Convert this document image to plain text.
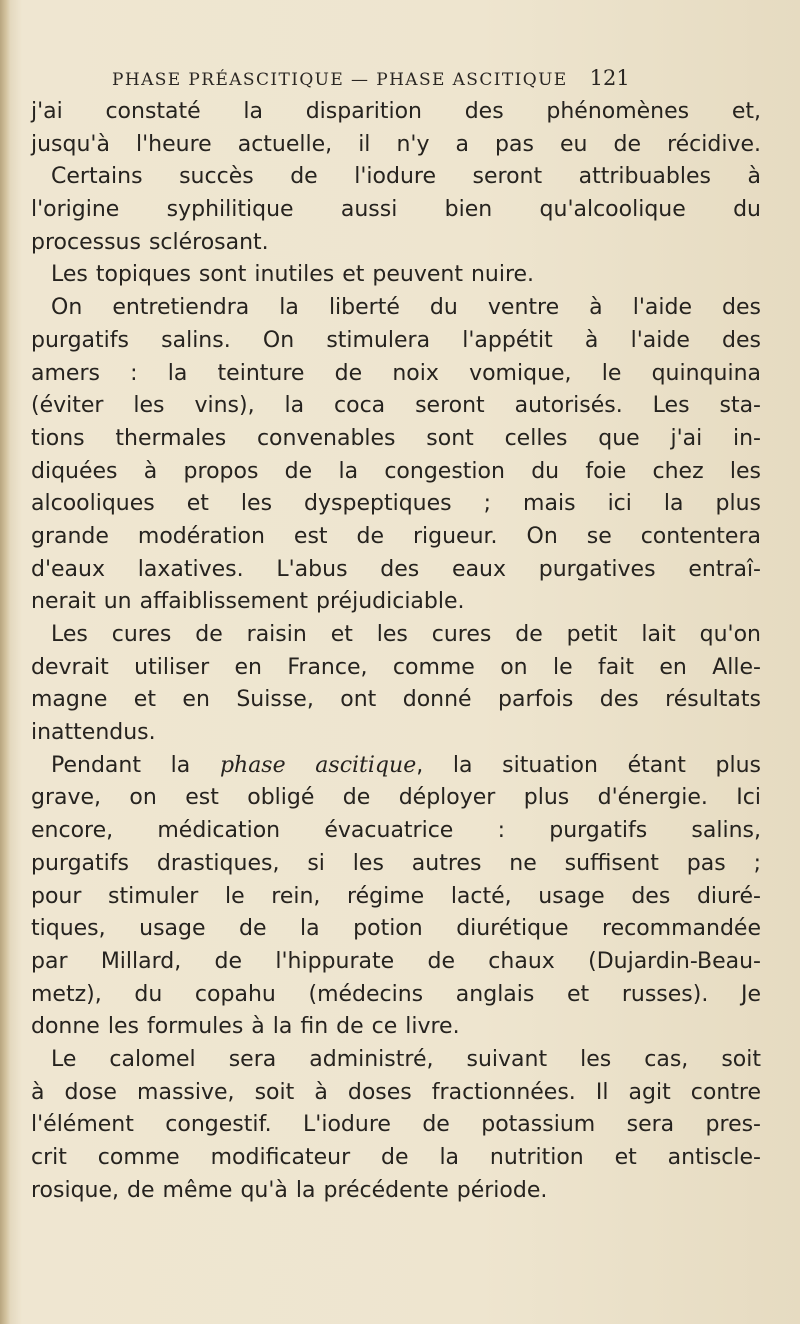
PHASE PRÉASCITIQUE — PHASE ASCITIQUE 121
j'ai constaté la disparition des phénomènes et,
jusqu'à l'heure actuelle, il n'y a pas eu de récidive.
Certains succès de l'iodure seront attribuables à
l'origine syphilitique aussi bien qu'alcoolique du
processus sclérosant.
Les topiques sont inutiles et peuvent nuire.
On entretiendra la liberté du ventre à l'aide des
purgatifs salins. On stimulera l'appétit à l'aide des
amers : la teinture de noix vomique, le quinquina
(éviter les vins), la coca seront autorisés. Les sta-
tions thermales convenables sont celles que j'ai in-
diquées à propos de la congestion du foie chez les
alcooliques et les dyspeptiques ; mais ici la plus
grande modération est de rigueur. On se contentera
d'eaux laxatives. L'abus des eaux purgatives entraî-
nerait un affaiblissement préjudiciable.
Les cures de raisin et les cures de petit lait qu'on
devrait utiliser en France, comme on le fait en Alle-
magne et en Suisse, ont donné parfois des résultats
inattendus.
Pendant la phase ascitique, la situation étant plus
grave, on est obligé de déployer plus d'énergie. Ici
encore, médication évacuatrice : purgatifs salins,
purgatifs drastiques, si les autres ne suffisent pas ;
pour stimuler le rein, régime lacté, usage des diuré-
tiques, usage de la potion diurétique recommandée
par Millard, de l'hippurate de chaux (Dujardin-Beau-
metz), du copahu (médecins anglais et russes). Je
donne les formules à la fin de ce livre.
Le calomel sera administré, suivant les cas, soit
à dose massive, soit à doses fractionnées. Il agit contre
l'élément congestif. L'iodure de potassium sera pres-
crit comme modificateur de la nutrition et antiscle-
rosique, de même qu'à la précédente période.
